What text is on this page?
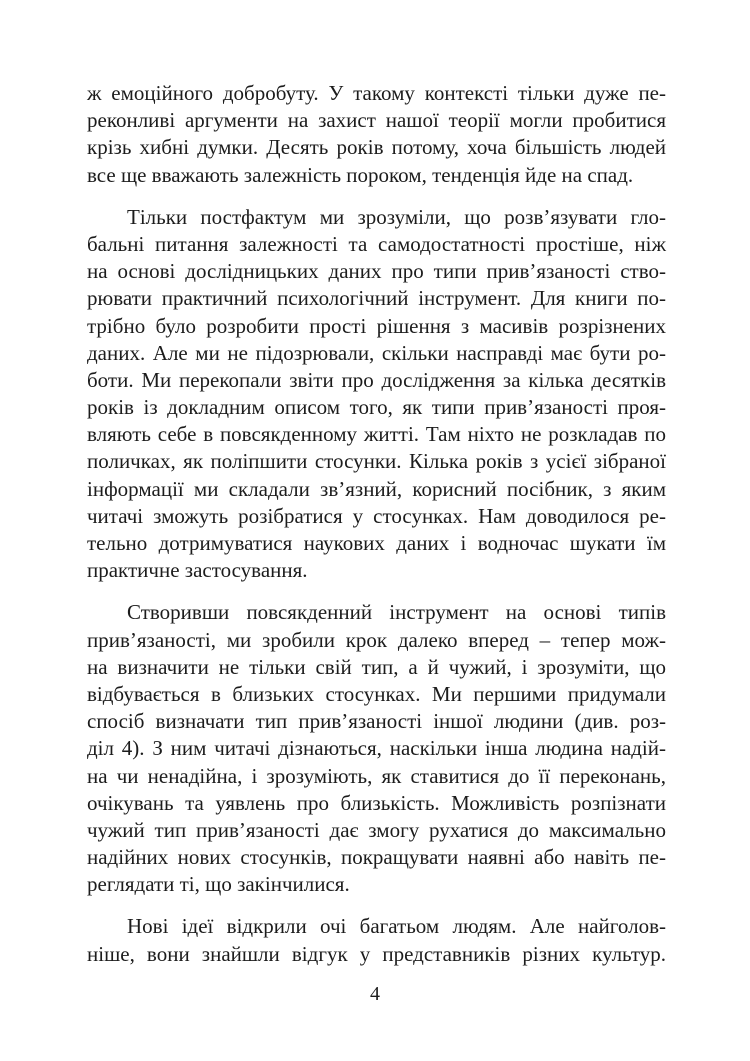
ж емоційного добробуту. У такому контексті тільки дуже пе-
реконливі аргументи на захист нашої теорії могли пробитися
крізь хибні думки. Десять років потому, хоча більшість людей
все ще вважають залежність пороком, тенденція йде на спад.
Тільки постфактум ми зрозуміли, що розв’язувати гло-
бальні питання залежності та самодостатності простіше, ніж
на основі дослідницьких даних про типи прив’язаності ство-
рювати практичний психологічний інструмент. Для книги по-
трібно було розробити прості рішення з масивів розрізнених
даних. Але ми не підозрювали, скільки насправді має бути ро-
боти. Ми перекопали звіти про дослідження за кілька десятків
років із докладним описом того, як типи прив’язаності проя-
вляють себе в повсякденному житті. Там ніхто не розкладав по
поличках, як поліпшити стосунки. Кілька років з усієї зібраної
інформації ми складали зв’язний, корисний посібник, з яким
читачі зможуть розібратися у стосунках. Нам доводилося ре-
тельно дотримуватися наукових даних і водночас шукати їм
практичне застосування.
Створивши повсякденний інструмент на основі типів
прив’язаності, ми зробили крок далеко вперед – тепер мож-
на визначити не тільки свій тип, а й чужий, і зрозуміти, що
відбувається в близьких стосунках. Ми першими придумали
спосіб визначати тип прив’язаності іншої людини (див. роз-
діл 4). З ним читачі дізнаються, наскільки інша людина надій-
на чи ненадійна, і зрозуміють, як ставитися до її переконань,
очікувань та уявлень про близькість. Можливість розпізнати
чужий тип прив’язаності дає змогу рухатися до максимально
надійних нових стосунків, покращувати наявні або навіть пе-
реглядати ті, що закінчилися.
Нові ідеї відкрили очі багатьом людям. Але найголов-
ніше, вони знайшли відгук у представників різних культур.
4
